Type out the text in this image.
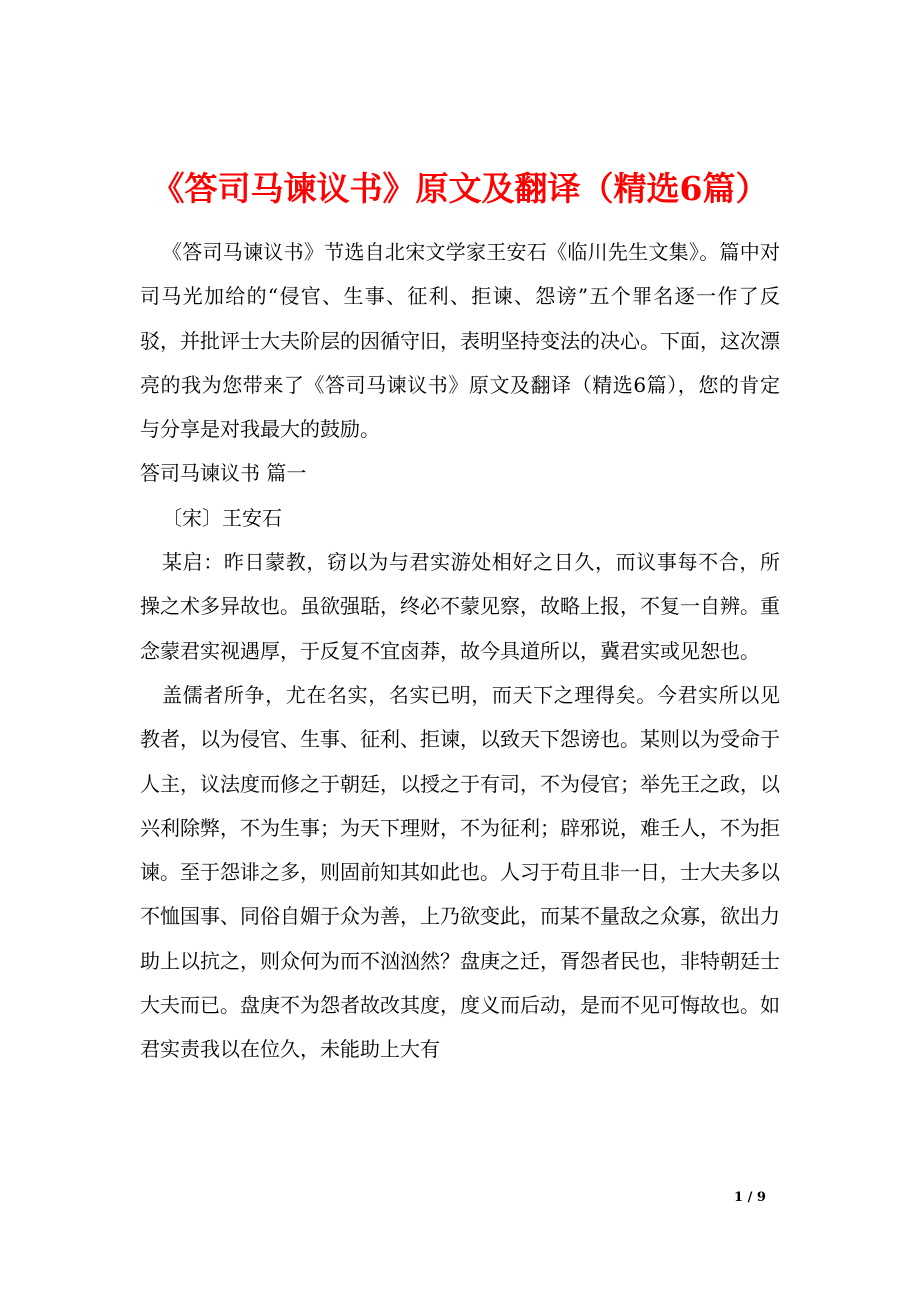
《答司马谏议书》原文及翻译（精选6篇）

《答司马谏议书》节选自北宋文学家王安石《临川先生文集》。篇中对司马光加给的“侵官、生事、征利、拒谏、怨谤”五个罪名逐一作了反驳，并批评士大夫阶层的因循守旧，表明坚持变法的决心。下面，这次漂亮的我为您带来了《答司马谏议书》原文及翻译（精选6篇），您的肯定与分享是对我最大的鼓励。

答司马谏议书 篇一

〔宋〕王安石

某启：昨日蒙教，窃以为与君实游处相好之日久，而议事每不合，所操之术多异故也。虽欲强聒，终必不蒙见察，故略上报，不复一自辨。重念蒙君实视遇厚，于反复不宜卤莽，故今具道所以，冀君实或见恕也。

盖儒者所争，尤在名实，名实已明，而天下之理得矣。今君实所以见教者，以为侵官、生事、征利、拒谏，以致天下怨谤也。某则以为受命于人主，议法度而修之于朝廷，以授之于有司，不为侵官；举先王之政，以兴利除弊，不为生事；为天下理财，不为征利；辟邪说，难壬人，不为拒谏。至于怨诽之多，则固前知其如此也。人习于苟且非一日，士大夫多以不恤国事、同俗自媚于众为善，上乃欲变此，而某不量敌之众寡，欲出力助上以抗之，则众何为而不汹汹然？盘庚之迁，胥怨者民也，非特朝廷士大夫而已。盘庚不为怨者故改其度，度义而后动，是而不见可悔故也。如君实责我以在位久，未能助上大有

1 / 9
